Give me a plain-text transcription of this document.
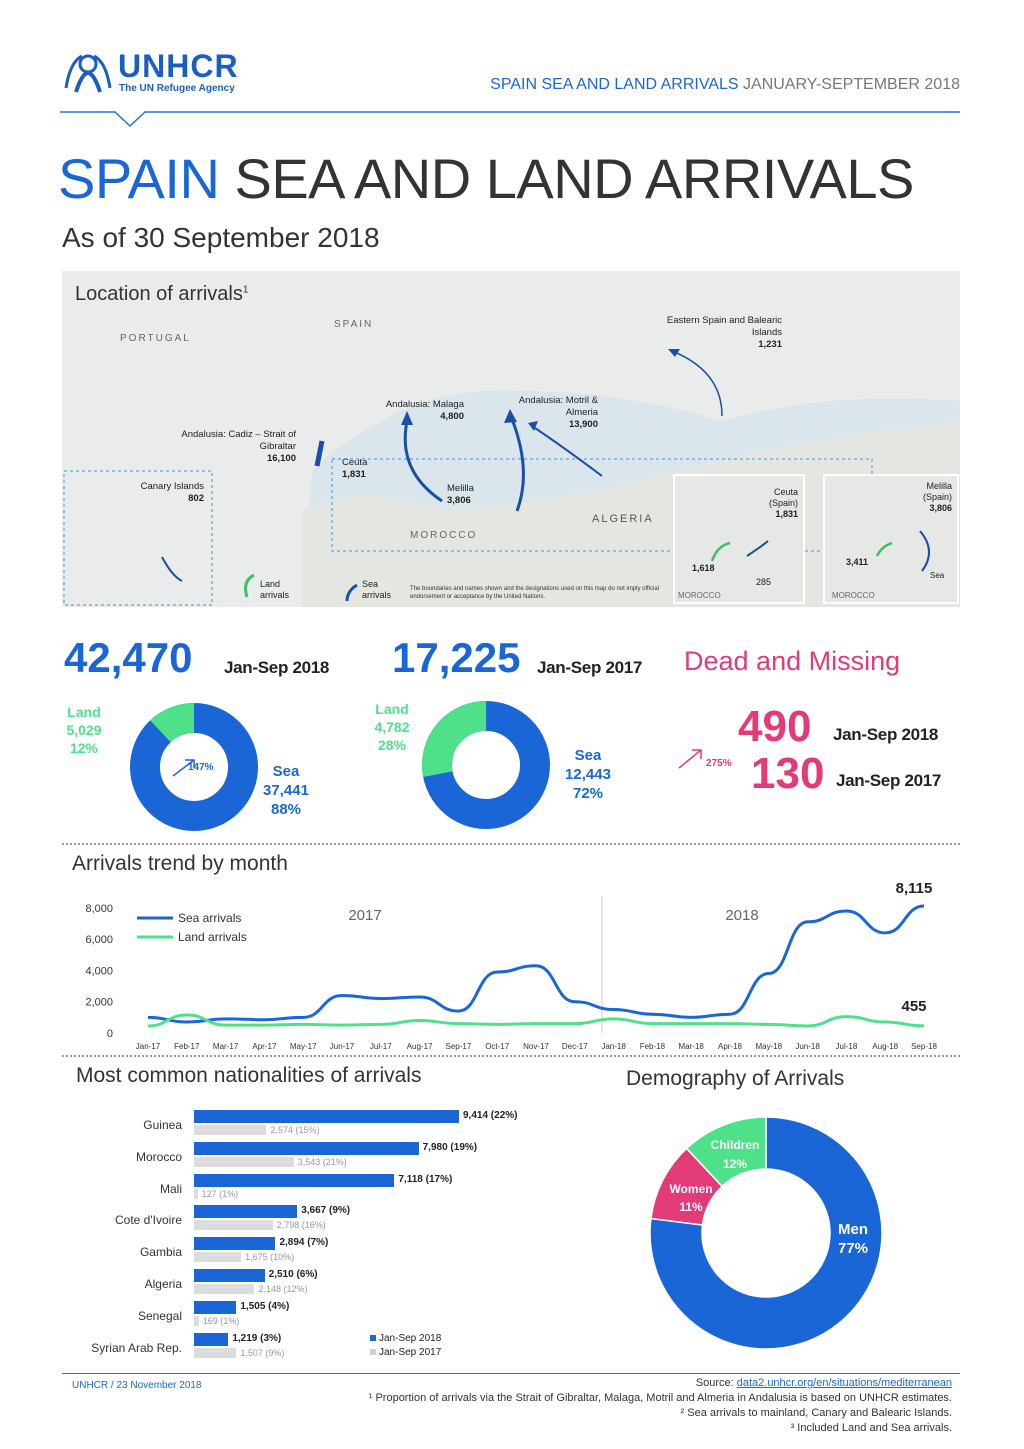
UNHCR
The UN Refugee Agency	SPAIN SEA AND LAND ARRIVALS JANUARY-SEPTEMBER 2018
SPAIN SEA AND LAND ARRIVALS
As of 30 September 2018
Location of arrivals$^1$
PORTUGAL
SPAIN
MOROCCO
ALGERIA
Eastern Spain and Balearic Islands
1,231
Andalusia: Malaga
4,800
Andalusia: Motril & Almeria
13,900
Andalusia: Cadiz – Strait of Gibraltar
16,100
Canary Islands
802
Ceuta
1,831
Melilla
3,806
Ceuta (Spain)
1,831
1,618
285
MOROCCO
Melilla (Spain)
3,806
3,411
Sea
MOROCCO
Land arrivals
Sea arrivals
The boundaries and names shown and the designations used on this map do not imply official endorsement or acceptance by the United Nations.
42,470 Jan-Sep 2018
Land
5,029
12%
147%	Sea
37,441
88%
17,225 Jan-Sep 2017
Land
4,782
28%
Sea
12,443
72%
Dead and Missing
490 Jan-Sep 2018
130 Jan-Sep 2017
275%
Arrivals trend by month
8,000
6,000
4,000
2,000
0
2017	2018
Sea arrivals
8,115
Land arrivals
455
Jan-17 Feb-17 Mar-17 Apr-17 May-17 Jun-17 Jul-17 Aug-17 Sep-17 Oct-17 Nov-17 Dec-17 Jan-18 Feb-18 Mar-18 Apr-18 May-18 Jun-18 Jul-18 Aug-18 Sep-18
Most common nationalities of arrivals
Guinea
9,414 (22%)
2,574 (15%)
Morocco
7,980 (19%)
3,543 (21%)
Mali
7,118 (17%)
127 (1%)
Cote d'Ivoire
3,667 (9%)
2,798 (16%)
Gambia
2,894 (7%)
1,675 (10%)
Algeria
2,510 (6%)
2,148 (12%)
Senegal
1,505 (4%)
169 (1%)
Syrian Arab Rep.
1,219 (3%)
1,507 (9%)
Jan-Sep 2018
Jan-Sep 2017
Demography of Arrivals
Men
77%
Women
11%
Children
12%
UNHCR / 23 November 2018	Source: data2.unhcr.org/en/situations/mediterranean
¹ Proportion of arrivals via the Strait of Gibraltar, Malaga, Motril and Almeria in Andalusia is based on UNHCR estimates.
² Sea arrivals to mainland, Canary and Balearic Islands.
³ Included Land and Sea arrivals.
